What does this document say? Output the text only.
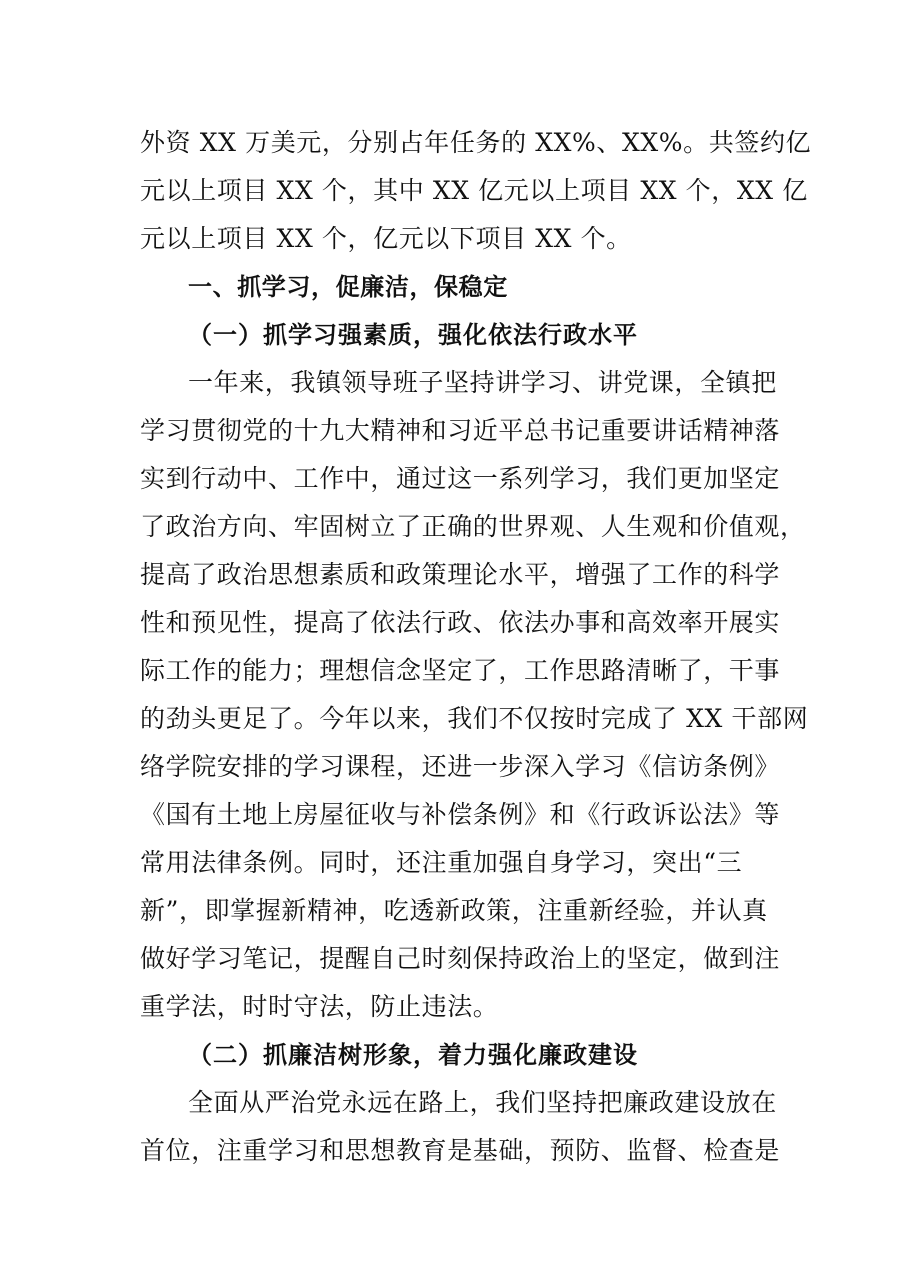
外资 XX 万美元，分别占年任务的 XX%、XX%。共签约亿
元以上项目 XX 个，其中 XX 亿元以上项目 XX 个，XX 亿
元以上项目 XX 个，亿元以下项目 XX 个。
一、抓学习，促廉洁，保稳定
（一）抓学习强素质，强化依法行政水平
一年来，我镇领导班子坚持讲学习、讲党课，全镇把
学习贯彻党的十九大精神和习近平总书记重要讲话精神落
实到行动中、工作中，通过这一系列学习，我们更加坚定
了政治方向、牢固树立了正确的世界观、人生观和价值观，
提高了政治思想素质和政策理论水平，增强了工作的科学
性和预见性，提高了依法行政、依法办事和高效率开展实
际工作的能力；理想信念坚定了，工作思路清晰了，干事
的劲头更足了。今年以来，我们不仅按时完成了 XX 干部网
络学院安排的学习课程，还进一步深入学习《信访条例》
《国有土地上房屋征收与补偿条例》和《行政诉讼法》等
常用法律条例。同时，还注重加强自身学习，突出“三
新”，即掌握新精神，吃透新政策，注重新经验，并认真
做好学习笔记，提醒自己时刻保持政治上的坚定，做到注
重学法，时时守法，防止违法。
（二）抓廉洁树形象，着力强化廉政建设
全面从严治党永远在路上，我们坚持把廉政建设放在
首位，注重学习和思想教育是基础，预防、监督、检查是
